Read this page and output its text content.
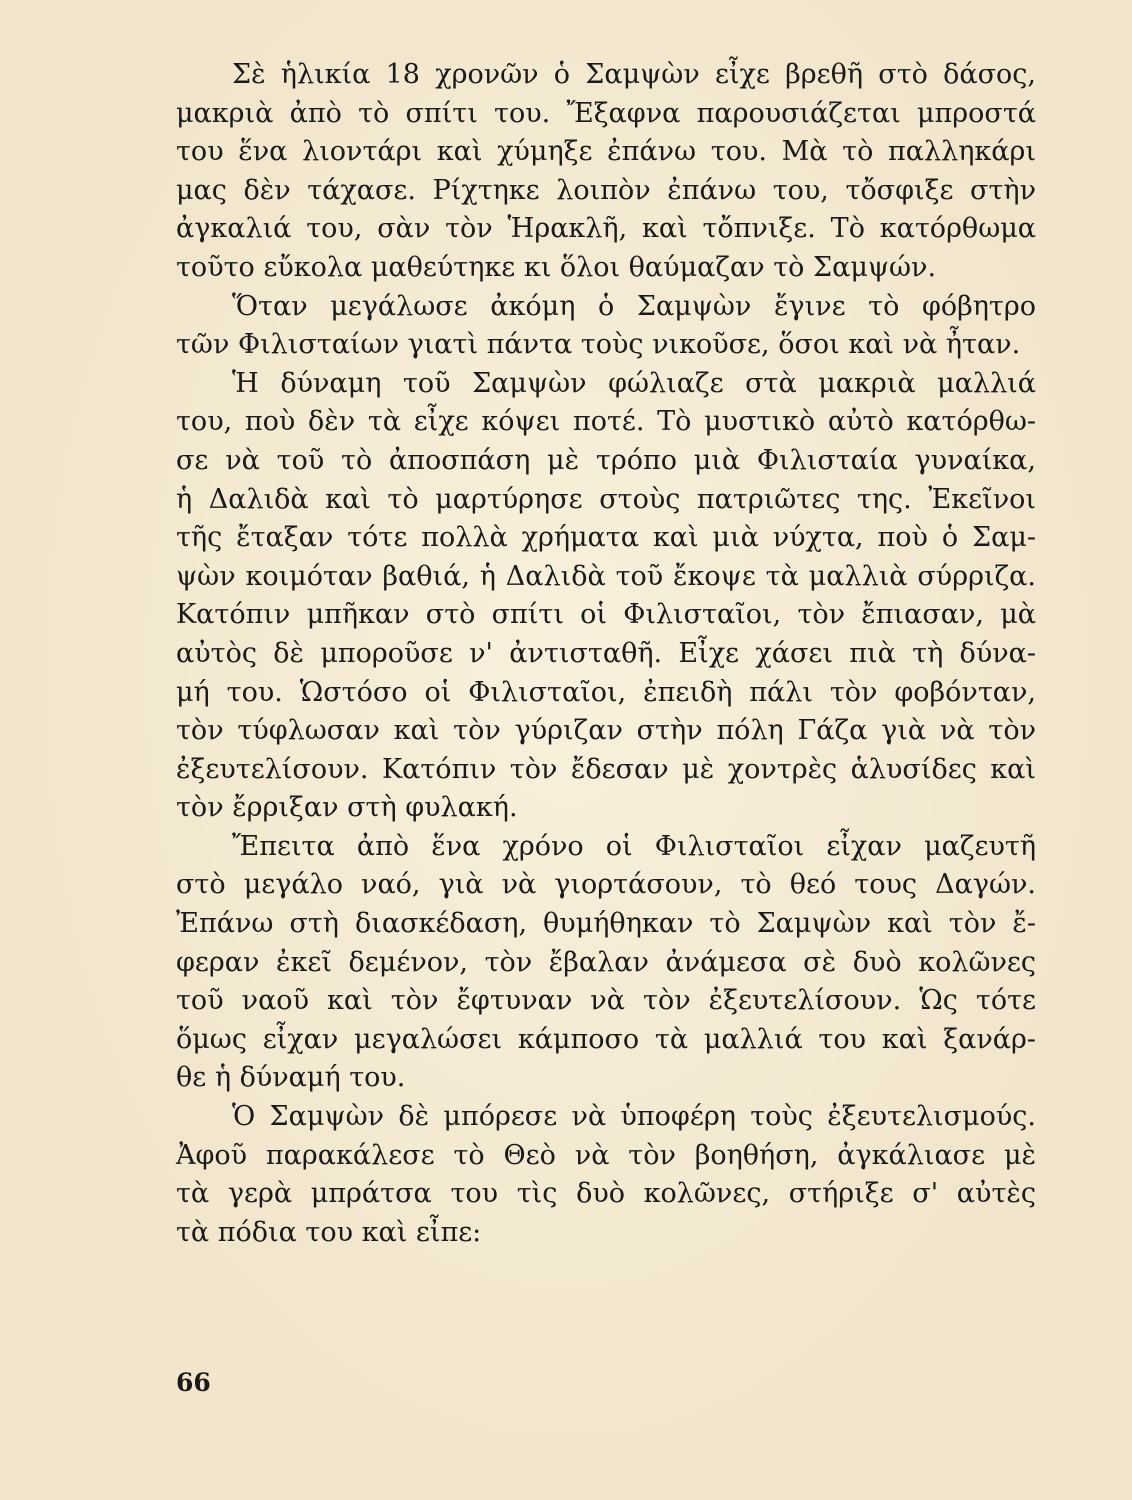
Σὲ ἡλικία 18 χρονῶν ὁ Σαμψὼν εἶχε βρεθῆ στὸ δάσος,
μακριὰ ἀπὸ τὸ σπίτι του. Ἔξαφνα παρουσιάζεται μπροστά
του ἕνα λιοντάρι καὶ χύμηξε ἐπάνω του. Μὰ τὸ παλληκάρι
μας δὲν τάχασε. Ρίχτηκε λοιπὸν ἐπάνω του, τὄσφιξε στὴν
ἀγκαλιά του, σὰν τὸν Ἡρακλῆ, καὶ τὄπνιξε. Τὸ κατόρθωμα
τοῦτο εὔκολα μαθεύτηκε κι ὅλοι θαύμαζαν τὸ Σαμψών.
Ὅταν μεγάλωσε ἀκόμη ὁ Σαμψὼν ἔγινε τὸ φόβητρο
τῶν Φιλισταίων γιατὶ πάντα τοὺς νικοῦσε, ὅσοι καὶ νὰ ἦταν.
Ἡ δύναμη τοῦ Σαμψὼν φώλιαζε στὰ μακριὰ μαλλιά
του, ποὺ δὲν τὰ εἶχε κόψει ποτέ. Τὸ μυστικὸ αὐτὸ κατόρθω-
σε νὰ τοῦ τὸ ἀποσπάση μὲ τρόπο μιὰ Φιλισταία γυναίκα,
ἡ Δαλιδὰ καὶ τὸ μαρτύρησε στοὺς πατριῶτες της. Ἐκεῖνοι
τῆς ἔταξαν τότε πολλὰ χρήματα καὶ μιὰ νύχτα, ποὺ ὁ Σαμ-
ψὼν κοιμόταν βαθιά, ἡ Δαλιδὰ τοῦ ἔκοψε τὰ μαλλιὰ σύρριζα.
Κατόπιν μπῆκαν στὸ σπίτι οἱ Φιλισταῖοι, τὸν ἔπιασαν, μὰ
αὐτὸς δὲ μποροῦσε ν' ἀντισταθῆ. Εἶχε χάσει πιὰ τὴ δύνα-
μή του. Ὡστόσο οἱ Φιλισταῖοι, ἐπειδὴ πάλι τὸν φοβόνταν,
τὸν τύφλωσαν καὶ τὸν γύριζαν στὴν πόλη Γάζα γιὰ νὰ τὸν
ἐξευτελίσουν. Κατόπιν τὸν ἔδεσαν μὲ χοντρὲς ἁλυσίδες καὶ
τὸν ἔρριξαν στὴ φυλακή.
Ἔπειτα ἀπὸ ἕνα χρόνο οἱ Φιλισταῖοι εἶχαν μαζευτῆ
στὸ μεγάλο ναό, γιὰ νὰ γιορτάσουν, τὸ θεό τους Δαγών.
Ἐπάνω στὴ διασκέδαση, θυμήθηκαν τὸ Σαμψὼν καὶ τὸν ἔ-
φεραν ἐκεῖ δεμένον, τὸν ἔβαλαν ἀνάμεσα σὲ δυὸ κολῶνες
τοῦ ναοῦ καὶ τὸν ἔφτυναν νὰ τὸν ἐξευτελίσουν. Ὡς τότε
ὅμως εἶχαν μεγαλώσει κάμποσο τὰ μαλλιά του καὶ ξανάρ-
θε ἡ δύναμή του.
Ὁ Σαμψὼν δὲ μπόρεσε νὰ ὑποφέρη τοὺς ἐξευτελισμούς.
Ἀφοῦ παρακάλεσε τὸ Θεὸ νὰ τὸν βοηθήση, ἀγκάλιασε μὲ
τὰ γερὰ μπράτσα του τὶς δυὸ κολῶνες, στήριξε σ' αὐτὲς
τὰ πόδια του καὶ εἶπε:
66
